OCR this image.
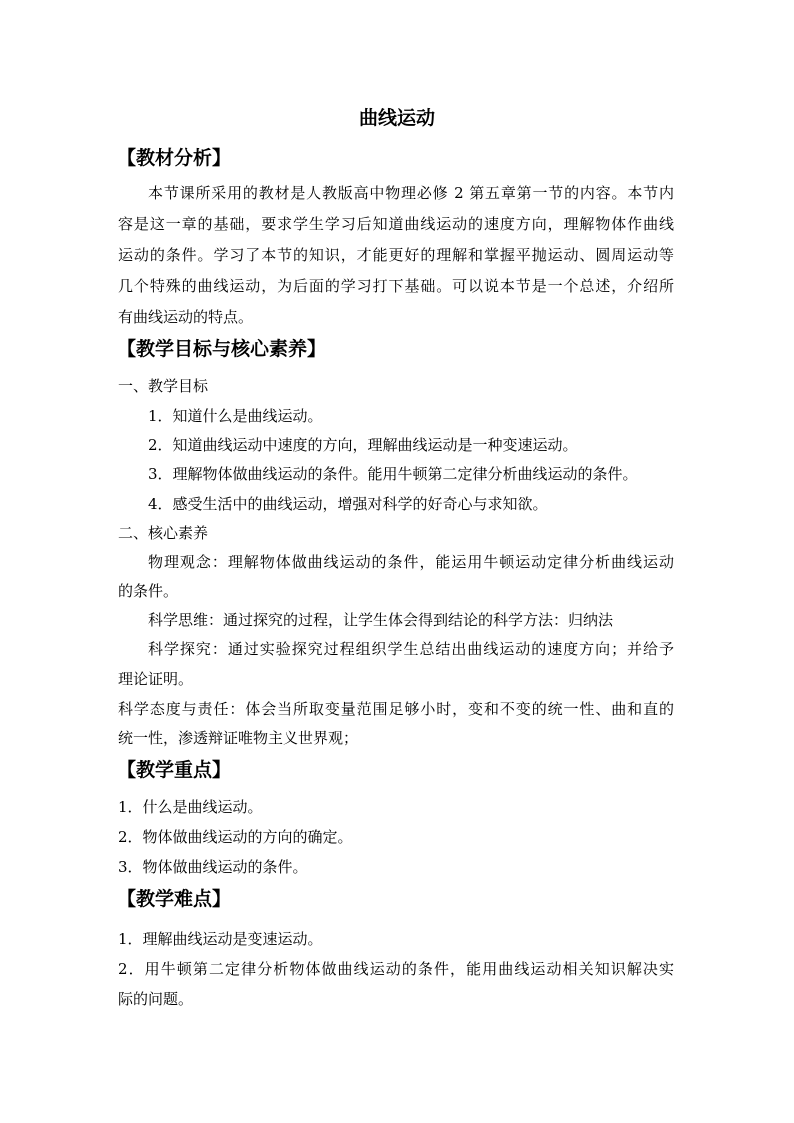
曲线运动
【教材分析】
本节课所采用的教材是人教版高中物理必修 2 第五章第一节的内容。本节内
容是这一章的基础，要求学生学习后知道曲线运动的速度方向，理解物体作曲线
运动的条件。学习了本节的知识，才能更好的理解和掌握平抛运动、圆周运动等
几个特殊的曲线运动，为后面的学习打下基础。可以说本节是一个总述，介绍所
有曲线运动的特点。
【教学目标与核心素养】
一、教学目标
1．知道什么是曲线运动。
2．知道曲线运动中速度的方向，理解曲线运动是一种变速运动。
3．理解物体做曲线运动的条件。能用牛顿第二定律分析曲线运动的条件。
4．感受生活中的曲线运动，增强对科学的好奇心与求知欲。
二、核心素养
物理观念：理解物体做曲线运动的条件，能运用牛顿运动定律分析曲线运动
的条件。
科学思维：通过探究的过程，让学生体会得到结论的科学方法：归纳法
科学探究：通过实验探究过程组织学生总结出曲线运动的速度方向；并给予
理论证明。
科学态度与责任：体会当所取变量范围足够小时，变和不变的统一性、曲和直的
统一性，渗透辩证唯物主义世界观；
【教学重点】
1．什么是曲线运动。
2．物体做曲线运动的方向的确定。
3．物体做曲线运动的条件。
【教学难点】
1．理解曲线运动是变速运动。
2．用牛顿第二定律分析物体做曲线运动的条件，能用曲线运动相关知识解决实
际的问题。
